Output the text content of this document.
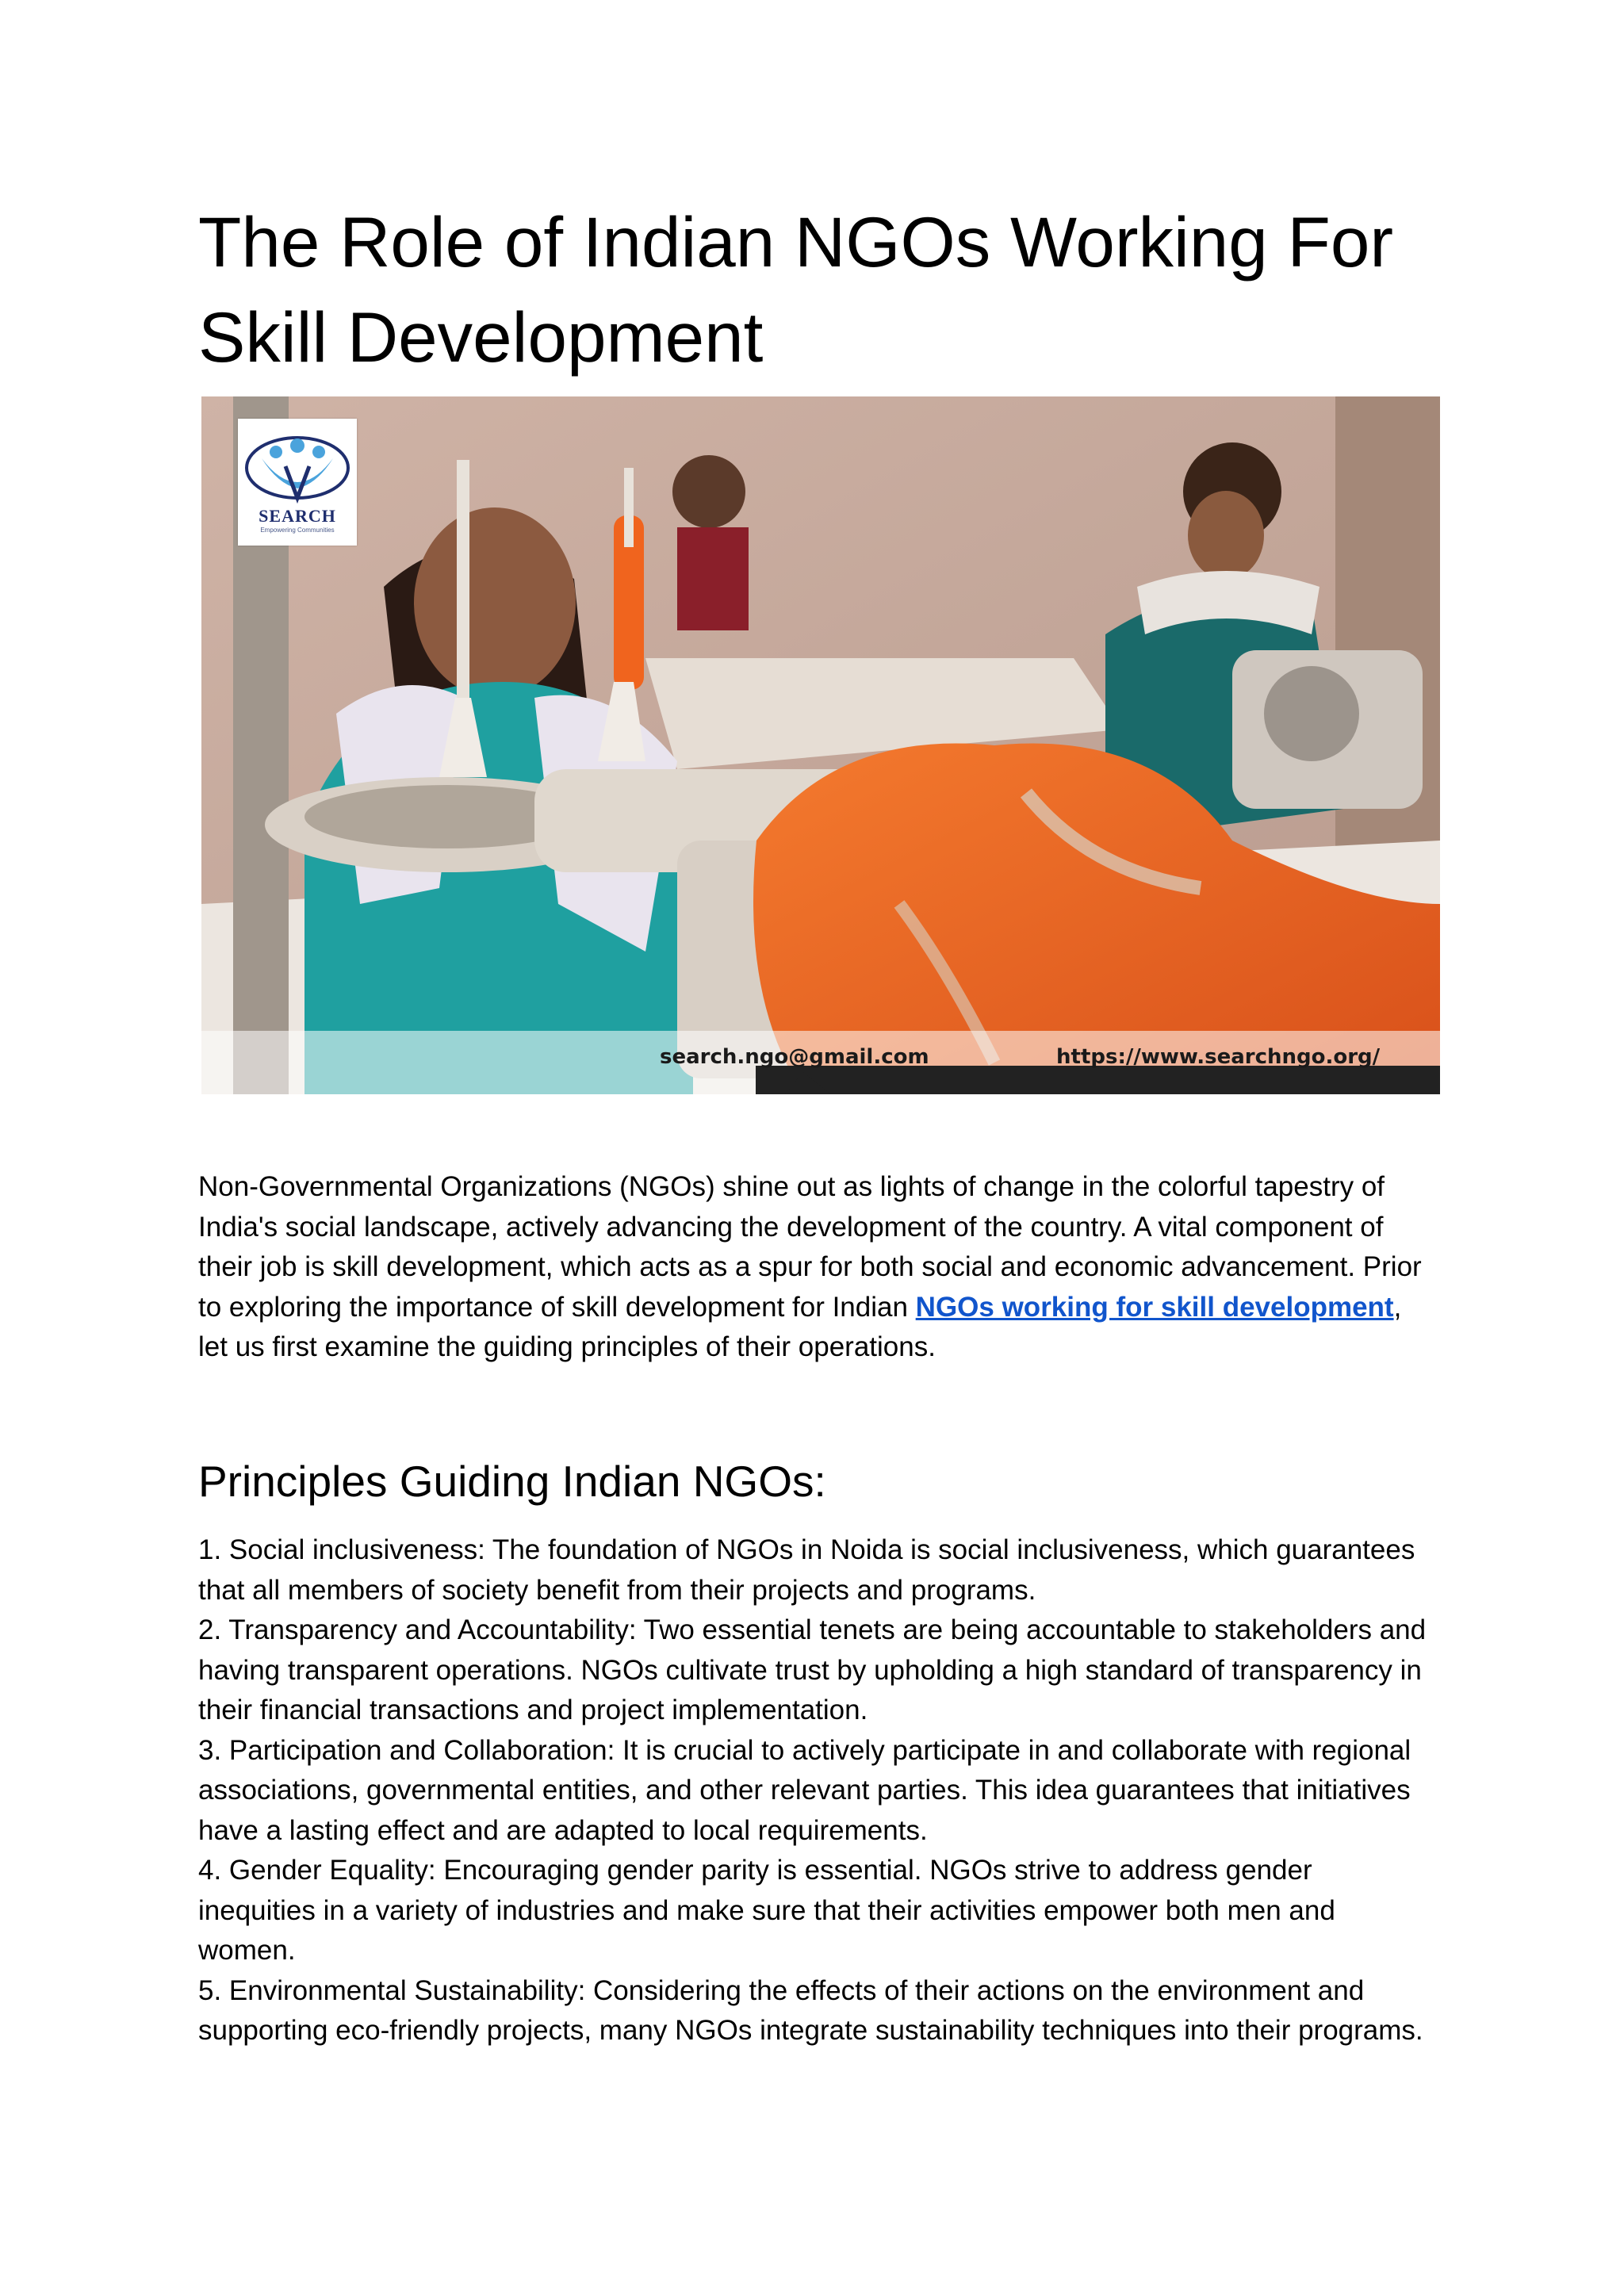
The Role of Indian NGOs Working For Skill Development
SEARCH
Empowering Communities
search.ngo@gmail.com	https://www.searchngo.org/

Non-Governmental Organizations (NGOs) shine out as lights of change in the colorful tapestry of India's social landscape, actively advancing the development of the country. A vital component of their job is skill development, which acts as a spur for both social and economic advancement. Prior to exploring the importance of skill development for Indian NGOs working for skill development, let us first examine the guiding principles of their operations.

Principles Guiding Indian NGOs:

1. Social inclusiveness: The foundation of NGOs in Noida is social inclusiveness, which guarantees that all members of society benefit from their projects and programs.

2. Transparency and Accountability: Two essential tenets are being accountable to stakeholders and having transparent operations. NGOs cultivate trust by upholding a high standard of transparency in their financial transactions and project implementation.

3. Participation and Collaboration: It is crucial to actively participate in and collaborate with regional associations, governmental entities, and other relevant parties. This idea guarantees that initiatives have a lasting effect and are adapted to local requirements.

4. Gender Equality: Encouraging gender parity is essential. NGOs strive to address gender inequities in a variety of industries and make sure that their activities empower both men and women.

5. Environmental Sustainability: Considering the effects of their actions on the environment and supporting eco-friendly projects, many NGOs integrate sustainability techniques into their programs.
